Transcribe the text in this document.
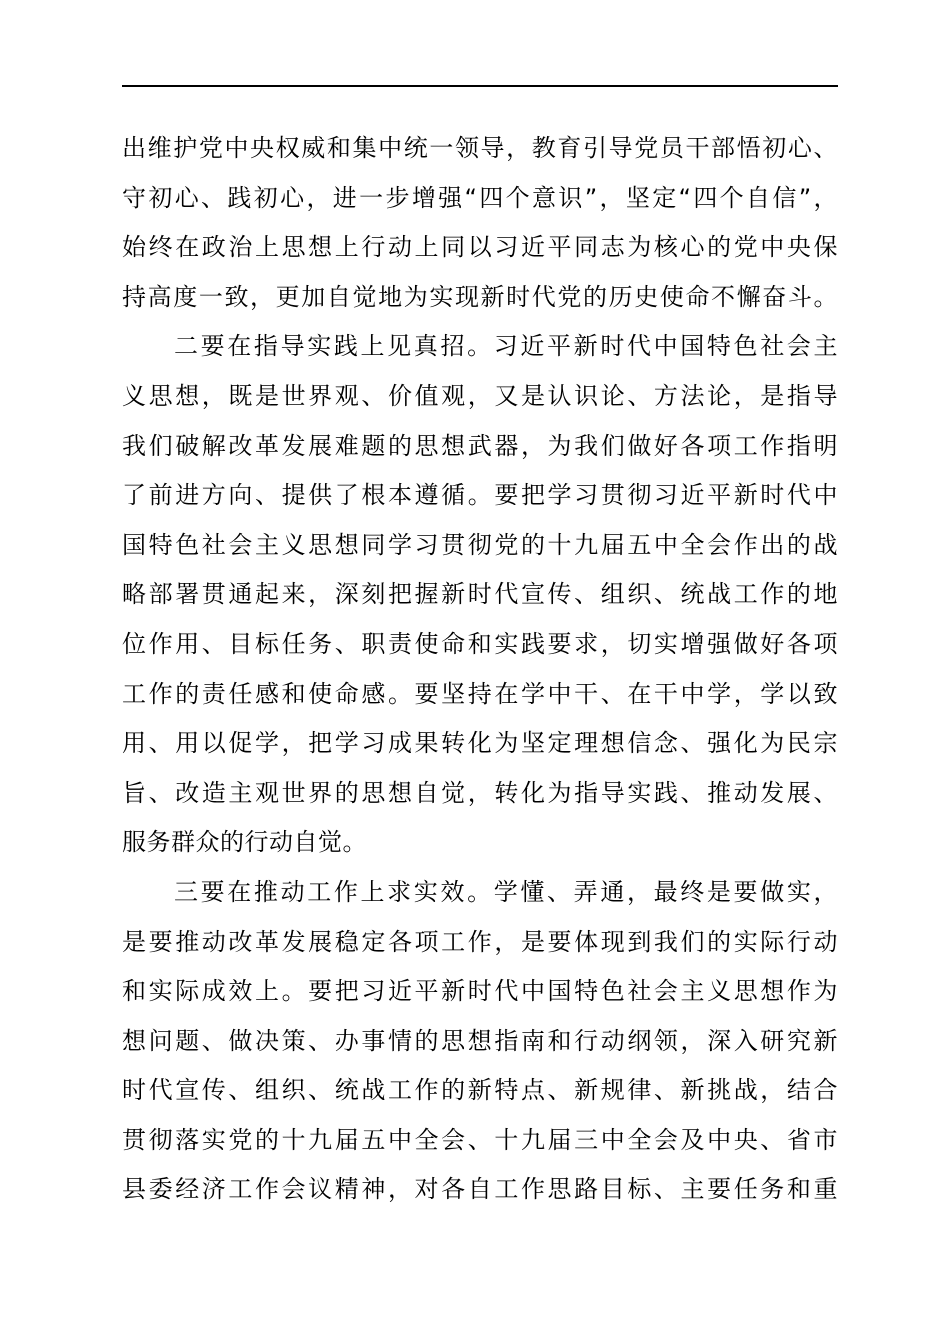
出维护党中央权威和集中统一领导，教育引导党员干部悟初心、
守初心、践初心，进一步增强“四个意识”，坚定“四个自信”，
始终在政治上思想上行动上同以习近平同志为核心的党中央保
持高度一致，更加自觉地为实现新时代党的历史使命不懈奋斗。
二要在指导实践上见真招。习近平新时代中国特色社会主
义思想，既是世界观、价值观，又是认识论、方法论，是指导
我们破解改革发展难题的思想武器，为我们做好各项工作指明
了前进方向、提供了根本遵循。要把学习贯彻习近平新时代中
国特色社会主义思想同学习贯彻党的十九届五中全会作出的战
略部署贯通起来，深刻把握新时代宣传、组织、统战工作的地
位作用、目标任务、职责使命和实践要求，切实增强做好各项
工作的责任感和使命感。要坚持在学中干、在干中学，学以致
用、用以促学，把学习成果转化为坚定理想信念、强化为民宗
旨、改造主观世界的思想自觉，转化为指导实践、推动发展、
服务群众的行动自觉。
三要在推动工作上求实效。学懂、弄通，最终是要做实，
是要推动改革发展稳定各项工作，是要体现到我们的实际行动
和实际成效上。要把习近平新时代中国特色社会主义思想作为
想问题、做决策、办事情的思想指南和行动纲领，深入研究新
时代宣传、组织、统战工作的新特点、新规律、新挑战，结合
贯彻落实党的十九届五中全会、十九届三中全会及中央、省市
县委经济工作会议精神，对各自工作思路目标、主要任务和重
